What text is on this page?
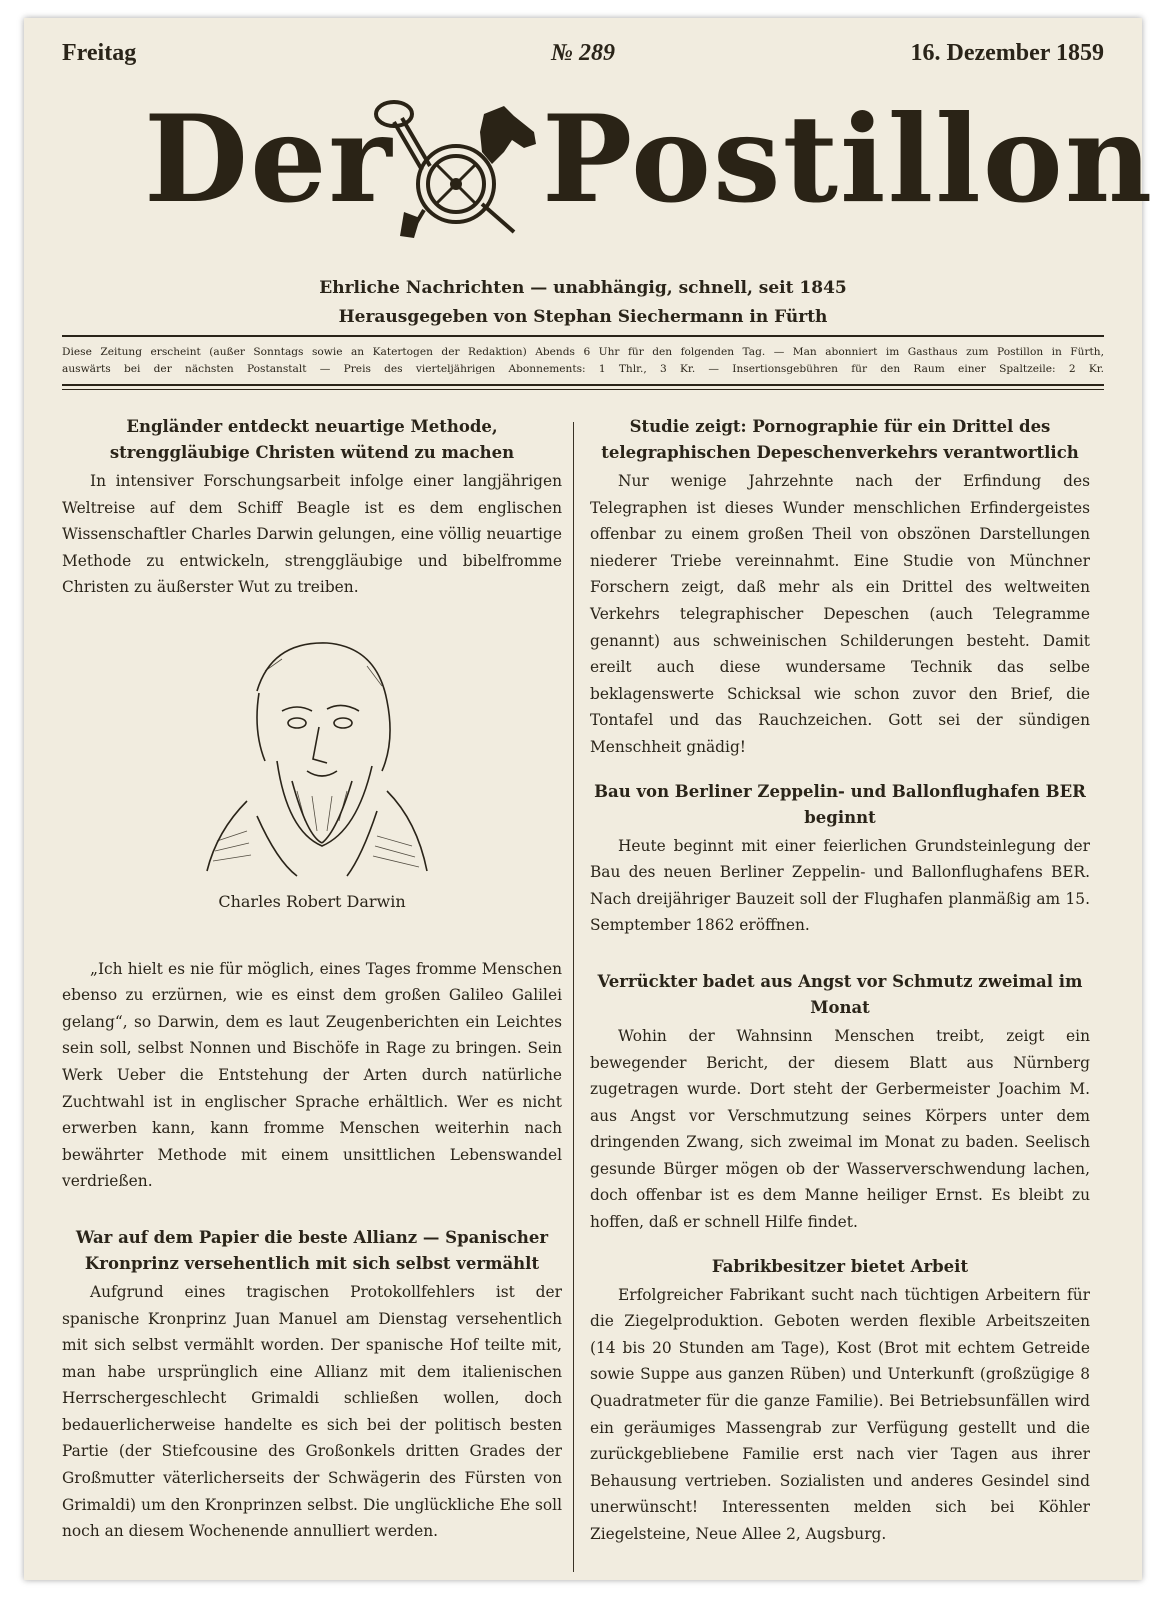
Freitag	№ 289	16. Dezember 1859
Der Postillon
Ehrliche Nachrichten — unabhängig, schnell, seit 1845
Herausgegeben von Stephan Siechermann in Fürth
Diese Zeitung erscheint (außer Sonntags sowie an Katertogen der Redaktion) Abends 6 Uhr für den folgenden Tag. — Man abonniert im Gasthaus zum Postillon in Fürth,
auswärts bei der nächsten Postanstalt — Preis des vierteljährigen Abonnements: 1 Thlr., 3 Kr. — Insertionsgebühren für den Raum einer Spaltzeile: 2 Kr.
Engländer entdeckt neuartige Methode, strenggläubige Christen wütend zu machen

In intensiver Forschungsarbeit infolge einer langjährigen Weltreise auf dem Schiff Beagle ist es dem englischen Wissenschaftler Charles Darwin gelungen, eine völlig neuartige Methode zu entwickeln, strenggläubige und bibelfromme Christen zu äußerster Wut zu treiben.

Charles Robert Darwin

„Ich hielt es nie für möglich, eines Tages fromme Menschen ebenso zu erzürnen, wie es einst dem großen Galileo Galilei gelang“, so Darwin, dem es laut Zeugenberichten ein Leichtes sein soll, selbst Nonnen und Bischöfe in Rage zu bringen. Sein Werk Ueber die Entstehung der Arten durch natürliche Zuchtwahl ist in englischer Sprache erhältlich. Wer es nicht erwerben kann, kann fromme Menschen weiterhin nach bewährter Methode mit einem unsittlichen Lebenswandel verdrießen.

War auf dem Papier die beste Allianz — Spanischer Kronprinz versehentlich mit sich selbst vermählt

Aufgrund eines tragischen Protokollfehlers ist der spanische Kronprinz Juan Manuel am Dienstag versehentlich mit sich selbst vermählt worden. Der spanische Hof teilte mit, man habe ursprünglich eine Allianz mit dem italienischen Herrschergeschlecht Grimaldi schließen wollen, doch bedauerlicherweise handelte es sich bei der politisch besten Partie (der Stiefcousine des Großonkels dritten Grades der Großmutter väterlicherseits der Schwägerin des Fürsten von Grimaldi) um den Kronprinzen selbst. Die unglückliche Ehe soll noch an diesem Wochenende annulliert werden.

Studie zeigt: Pornographie für ein Drittel des telegraphischen Depeschenverkehrs verantwortlich

Nur wenige Jahrzehnte nach der Erfindung des Telegraphen ist dieses Wunder menschlichen Erfindergeistes offenbar zu einem großen Theil von obszönen Darstellungen niederer Triebe vereinnahmt. Eine Studie von Münchner Forschern zeigt, daß mehr als ein Drittel des weltweiten Verkehrs telegraphischer Depeschen (auch Telegramme genannt) aus schweinischen Schilderungen besteht. Damit ereilt auch diese wundersame Technik das selbe beklagenswerte Schicksal wie schon zuvor den Brief, die Tontafel und das Rauchzeichen. Gott sei der sündigen Menschheit gnädig!

Bau von Berliner Zeppelin- und Ballonflughafen BER beginnt

Heute beginnt mit einer feierlichen Grundsteinlegung der Bau des neuen Berliner Zeppelin- und Ballonflughafens BER. Nach dreijähriger Bauzeit soll der Flughafen planmäßig am 15. Semptember 1862 eröffnen.

Verrückter badet aus Angst vor Schmutz zweimal im Monat

Wohin der Wahnsinn Menschen treibt, zeigt ein bewegender Bericht, der diesem Blatt aus Nürnberg zugetragen wurde. Dort steht der Gerbermeister Joachim M. aus Angst vor Verschmutzung seines Körpers unter dem dringenden Zwang, sich zweimal im Monat zu baden. Seelisch gesunde Bürger mögen ob der Wasserverschwendung lachen, doch offenbar ist es dem Manne heiliger Ernst. Es bleibt zu hoffen, daß er schnell Hilfe findet.

Fabrikbesitzer bietet Arbeit

Erfolgreicher Fabrikant sucht nach tüchtigen Arbeitern für die Ziegelproduktion. Geboten werden flexible Arbeitszeiten (14 bis 20 Stunden am Tage), Kost (Brot mit echtem Getreide sowie Suppe aus ganzen Rüben) und Unterkunft (großzügige 8 Quadratmeter für die ganze Familie). Bei Betriebsunfällen wird ein geräumiges Massengrab zur Verfügung gestellt und die zurückgebliebene Familie erst nach vier Tagen aus ihrer Behausung vertrieben. Sozialisten und anderes Gesindel sind unerwünscht! Interessenten melden sich bei Köhler Ziegelsteine, Neue Allee 2, Augsburg.
